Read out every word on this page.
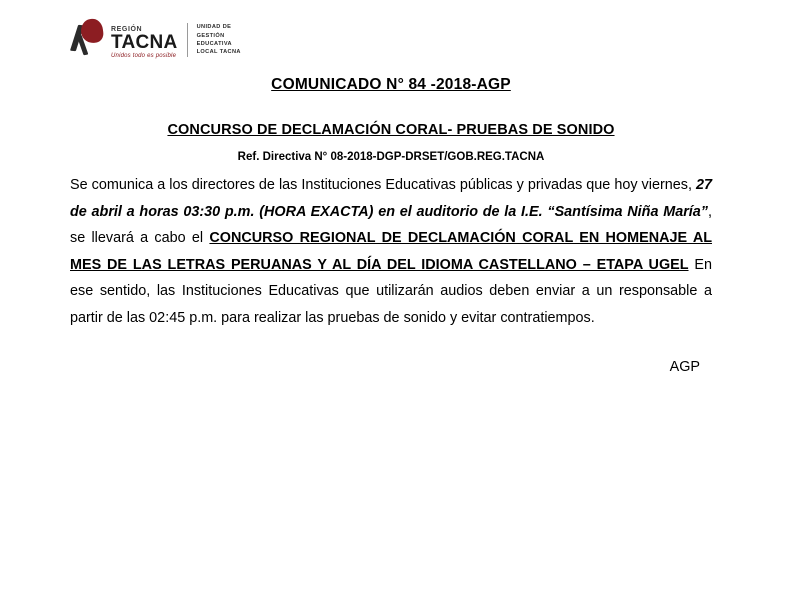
REGIÓN
TACNA
Unidos todo es posible
UNIDAD DE
GESTIÓN
EDUCATIVA
LOCAL TACNA
COMUNICADO N° 84 -2018-AGP
CONCURSO DE DECLAMACIÓN CORAL- PRUEBAS DE SONIDO
Ref. Directiva N° 08-2018-DGP-DRSET/GOB.REG.TACNA

Se comunica a los directores de las Instituciones Educativas públicas y privadas que hoy viernes, 27 de abril a horas 03:30 p.m. (HORA EXACTA) en el auditorio de la I.E. “Santísima Niña María”, se llevará a cabo el CONCURSO REGIONAL DE DECLAMACIÓN CORAL EN HOMENAJE AL MES DE LAS LETRAS PERUANAS Y AL DÍA DEL IDIOMA CASTELLANO – ETAPA UGEL En ese sentido, las Instituciones Educativas que utilizarán audios deben enviar a un responsable a partir de las 02:45 p.m. para realizar las pruebas de sonido y evitar contratiempos.

AGP
